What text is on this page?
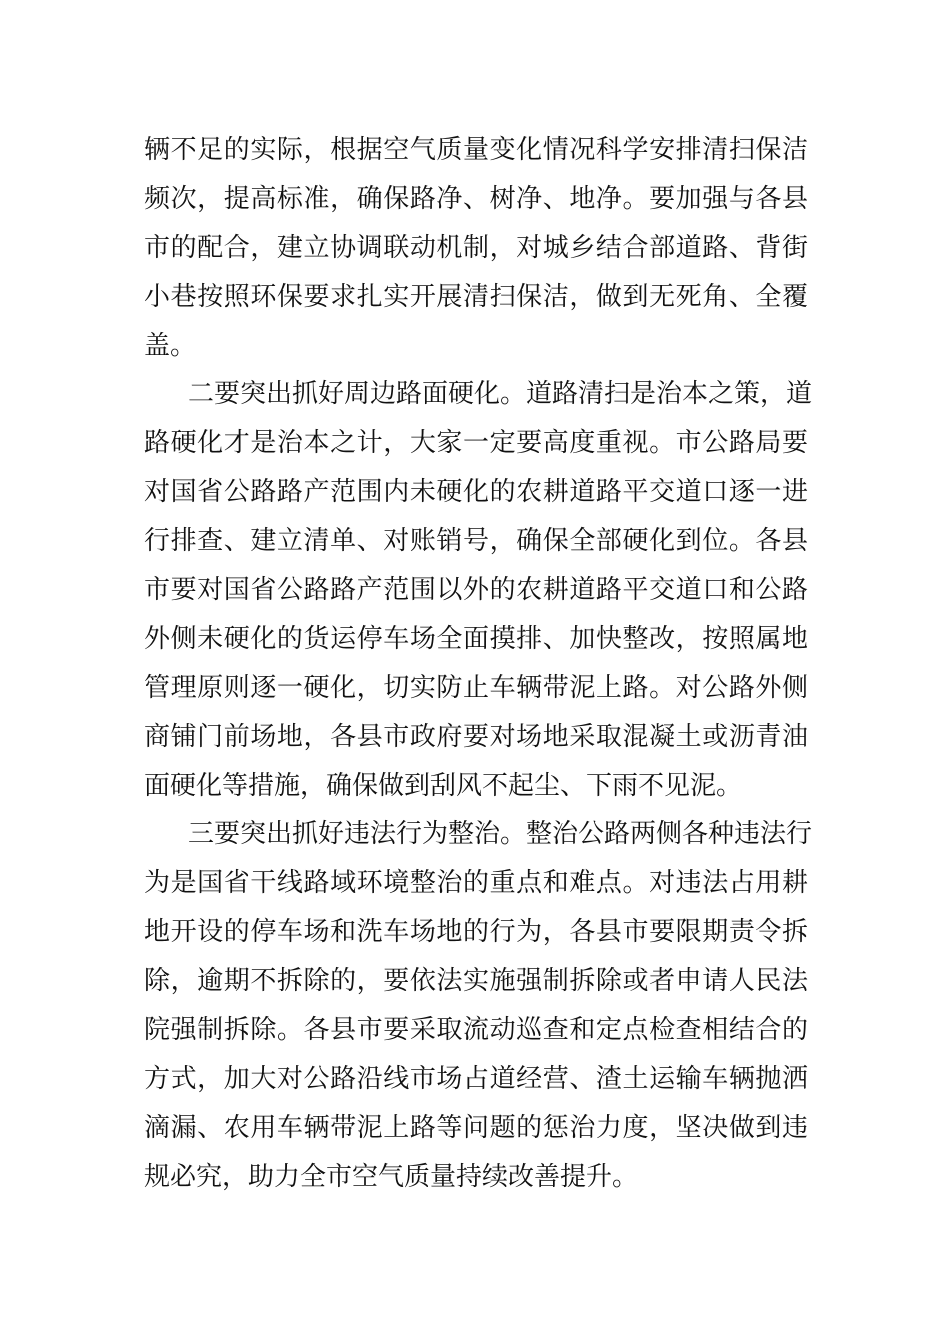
辆不足的实际，根据空气质量变化情况科学安排清扫保洁
频次，提高标准，确保路净、树净、地净。要加强与各县
市的配合，建立协调联动机制，对城乡结合部道路、背街
小巷按照环保要求扎实开展清扫保洁，做到无死角、全覆
盖。
二要突出抓好周边路面硬化。道路清扫是治本之策，道
路硬化才是治本之计，大家一定要高度重视。市公路局要
对国省公路路产范围内未硬化的农耕道路平交道口逐一进
行排查、建立清单、对账销号，确保全部硬化到位。各县
市要对国省公路路产范围以外的农耕道路平交道口和公路
外侧未硬化的货运停车场全面摸排、加快整改，按照属地
管理原则逐一硬化，切实防止车辆带泥上路。对公路外侧
商铺门前场地，各县市政府要对场地采取混凝土或沥青油
面硬化等措施，确保做到刮风不起尘、下雨不见泥。
三要突出抓好违法行为整治。整治公路两侧各种违法行
为是国省干线路域环境整治的重点和难点。对违法占用耕
地开设的停车场和洗车场地的行为，各县市要限期责令拆
除，逾期不拆除的，要依法实施强制拆除或者申请人民法
院强制拆除。各县市要采取流动巡查和定点检查相结合的
方式，加大对公路沿线市场占道经营、渣土运输车辆抛洒
滴漏、农用车辆带泥上路等问题的惩治力度，坚决做到违
规必究，助力全市空气质量持续改善提升。
